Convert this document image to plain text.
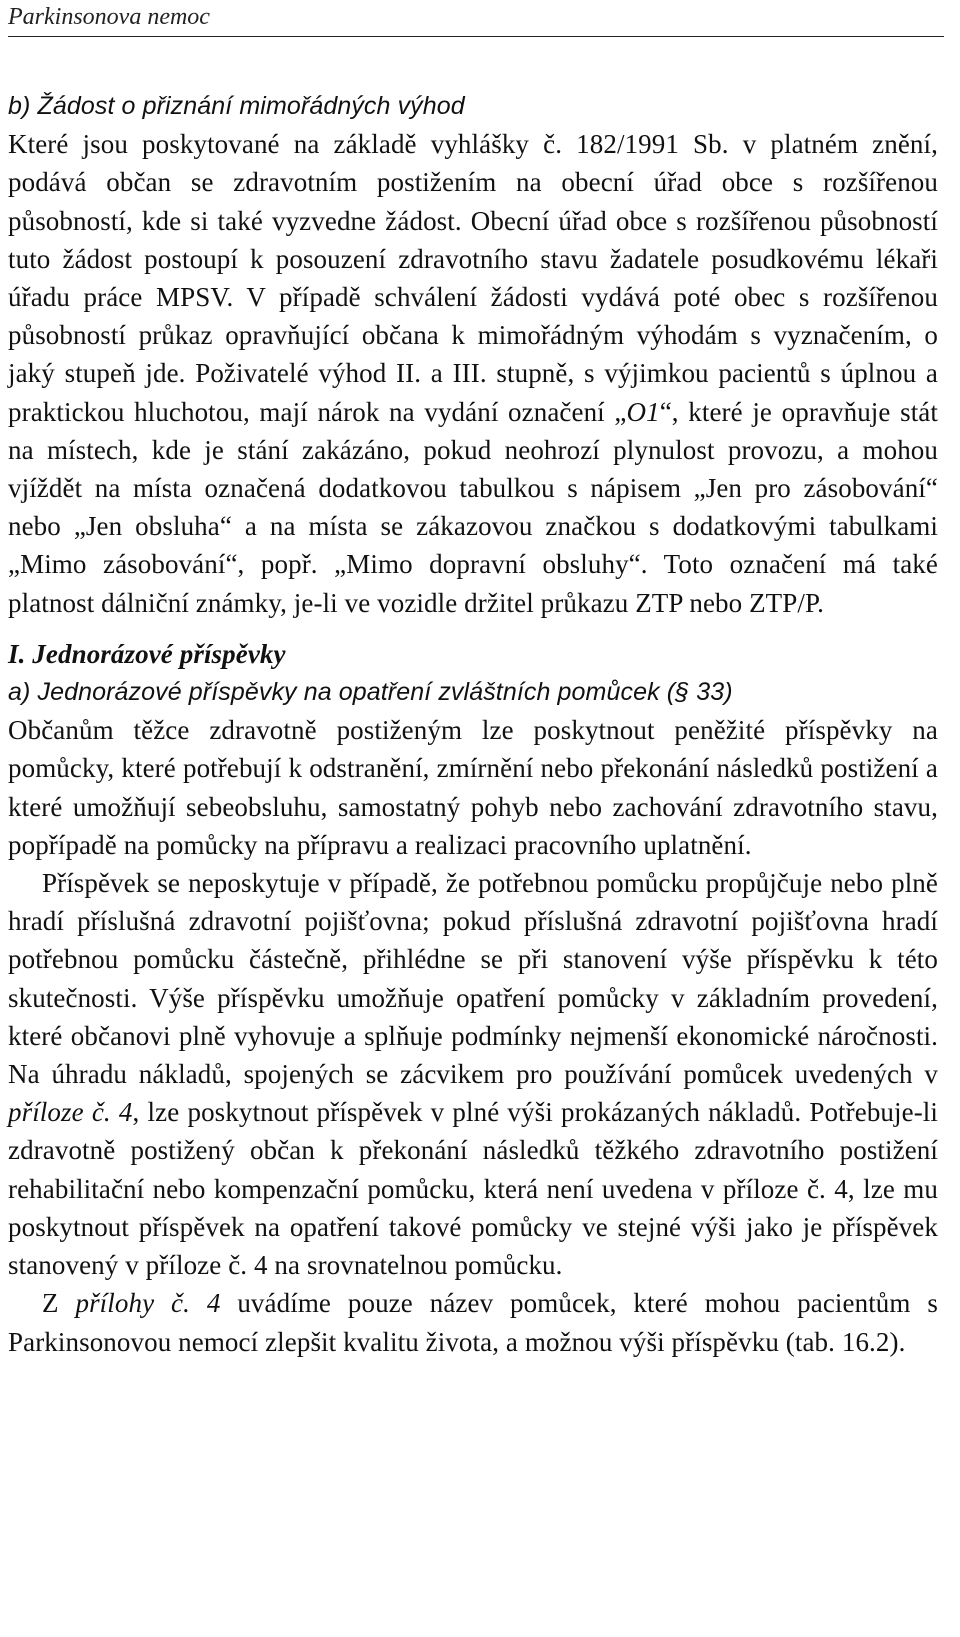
Parkinsonova nemoc
b) Žádost o přiznání mimořádných výhod

Které jsou poskytované na základě vyhlášky č. 182/1991 Sb. v platném znění, podává občan se zdravotním postižením na obecní úřad obce s rozšířenou působností, kde si také vyzvedne žádost. Obecní úřad obce s rozšířenou působností tuto žádost postoupí k posouzení zdravotního stavu žadatele posudkovému lékaři úřadu práce MPSV. V případě schválení žádosti vydává poté obec s rozšířenou působností průkaz opravňující občana k mimořádným výhodám s vyznačením, o jaký stupeň jde. Poživatelé výhod II. a III. stupně, s výjimkou pacientů s úplnou a praktickou hluchotou, mají nárok na vydání označení „O1“, které je opravňuje stát na místech, kde je stání zakázáno, pokud neohrozí plynulost provozu, a mohou vjíždět na místa označená dodatkovou tabulkou s nápisem „Jen pro zásobování“ nebo „Jen obsluha“ a na místa se zákazovou značkou s dodatkovými tabulkami „Mimo zásobování“, popř. „Mimo dopravní obsluhy“. Toto označení má také platnost dálniční známky, je-li ve vozidle držitel průkazu ZTP nebo ZTP/P.

I. Jednorázové příspěvky
a) Jednorázové příspěvky na opatření zvláštních pomůcek (§ 33)

Občanům těžce zdravotně postiženým lze poskytnout peněžité příspěvky na pomůcky, které potřebují k odstranění, zmírnění nebo překonání následků postižení a které umožňují sebeobsluhu, samostatný pohyb nebo zachování zdravotního stavu, popřípadě na pomůcky na přípravu a realizaci pracovního uplatnění.

Příspěvek se neposkytuje v případě, že potřebnou pomůcku propůjčuje nebo plně hradí příslušná zdravotní pojišťovna; pokud příslušná zdravotní pojišťovna hradí potřebnou pomůcku částečně, přihlédne se při stanovení výše příspěvku k této skutečnosti. Výše příspěvku umožňuje opatření pomůcky v základním provedení, které občanovi plně vyhovuje a splňuje podmínky nejmenší ekonomické náročnosti. Na úhradu nákladů, spojených se zácvikem pro používání pomůcek uvedených v příloze č. 4, lze poskytnout příspěvek v plné výši prokázaných nákladů. Potřebuje-li zdravotně postižený občan k překonání následků těžkého zdravotního postižení rehabilitační nebo kompenzační pomůcku, která není uvedena v příloze č. 4, lze mu poskytnout příspěvek na opatření takové pomůcky ve stejné výši jako je příspěvek stanovený v příloze č. 4 na srovnatelnou pomůcku.

Z přílohy č. 4 uvádíme pouze název pomůcek, které mohou pacientům s Parkinsonovou nemocí zlepšit kvalitu života, a možnou výši příspěvku (tab. 16.2).
